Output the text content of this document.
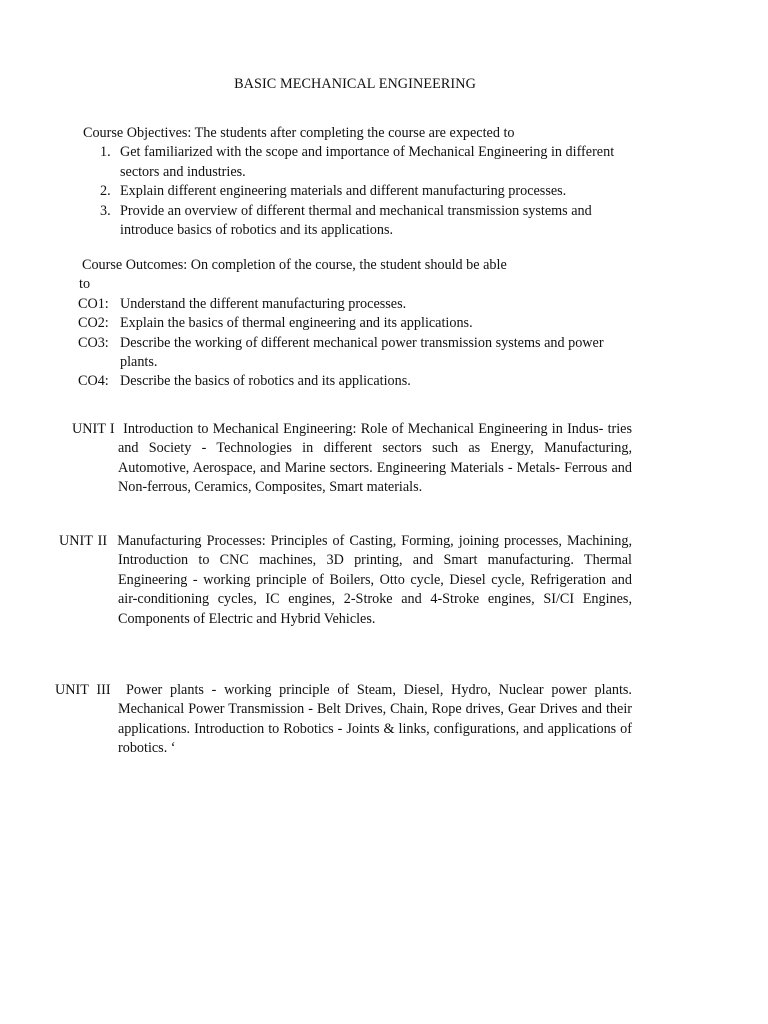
BASIC MECHANICAL ENGINEERING
Course Objectives: The students after completing the course are expected to
1. Get familiarized with the scope and importance of Mechanical Engineering in different sectors and industries.
2. Explain different engineering materials and different manufacturing processes.
3. Provide an overview of different thermal and mechanical transmission systems and introduce basics of robotics and its applications.
Course Outcomes: On completion of the course, the student should be able
to
CO1: Understand the different manufacturing processes.
CO2: Explain the basics of thermal engineering and its applications.
CO3: Describe the working of different mechanical power transmission systems and power plants.
CO4: Describe the basics of robotics and its applications.
UNIT I Introduction to Mechanical Engineering: Role of Mechanical Engineering in Indus- tries and Society - Technologies in different sectors such as Energy, Manufacturing, Automotive, Aerospace, and Marine sectors. Engineering Materials - Metals- Ferrous and Non-ferrous, Ceramics, Composites, Smart materials.
UNIT II Manufacturing Processes: Principles of Casting, Forming, joining processes, Machining, Introduction to CNC machines, 3D printing, and Smart manufacturing. Thermal Engineering - working principle of Boilers, Otto cycle, Diesel cycle, Refrigeration and air-conditioning cycles, IC engines, 2-Stroke and 4-Stroke engines, SI/CI Engines, Components of Electric and Hybrid Vehicles.
UNIT III Power plants - working principle of Steam, Diesel, Hydro, Nuclear power plants. Mechanical Power Transmission - Belt Drives, Chain, Rope drives, Gear Drives and their applications. Introduction to Robotics - Joints & links, configurations, and applications of robotics. ‘
